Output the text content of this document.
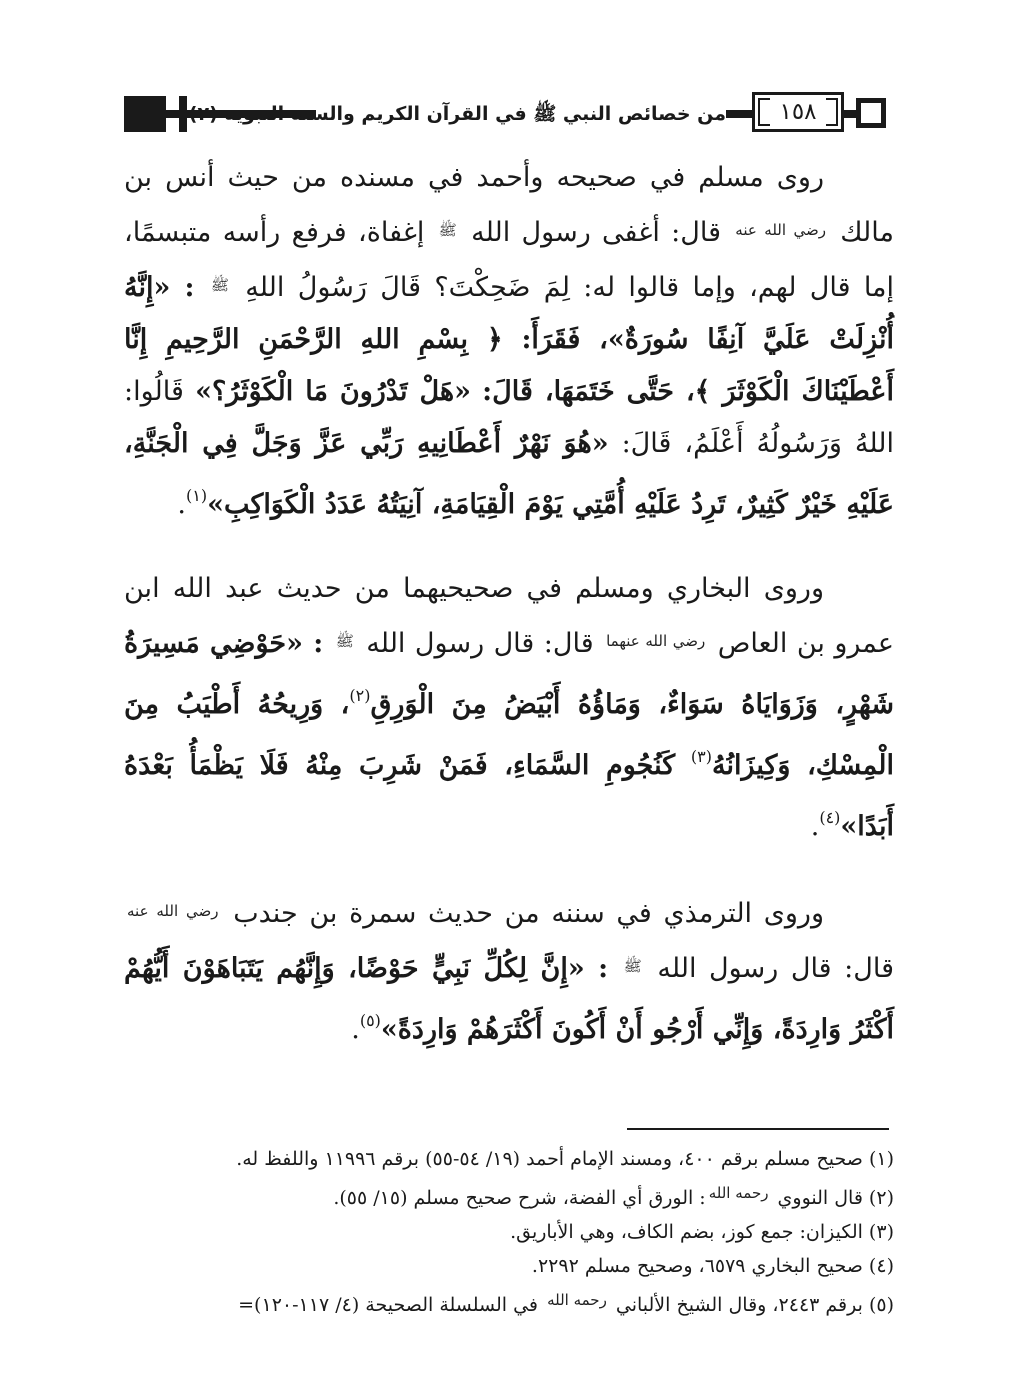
من خصائص النبي ﷺ في القرآن الكريم والسنة النبوية (٢)	١٥٨

روى مسلم في صحيحه وأحمد في مسنده من حيث أنس بن مالك $^{رضي الله عنه}$ قال: أغفى رسول الله $^ﷺ$ إغفاة، فرفع رأسه متبسمًا، إما قال لهم، وإما قالوا له: لِمَ ضَحِكْتَ؟ قَالَ رَسُولُ اللهِ $^ﷺ$ : «إِنَّهُ أُنْزِلَتْ عَلَيَّ آنِفًا سُورَةٌ»، فَقَرَأَ: ﴿ بِسْمِ اللهِ الرَّحْمَنِ الرَّحِيمِ إِنَّا أَعْطَيْنَاكَ الْكَوْثَرَ ﴾، حَتَّى خَتَمَهَا، قَالَ: «هَلْ تَدْرُونَ مَا الْكَوْثَرُ؟» قَالُوا: اللهُ وَرَسُولُهُ أَعْلَمُ، قَالَ: «هُوَ نَهْرٌ أَعْطَانِيهِ رَبِّي عَزَّ وَجَلَّ فِي الْجَنَّةِ، عَلَيْهِ خَيْرٌ كَثِيرٌ، تَرِدُ عَلَيْهِ أُمَّتِي يَوْمَ الْقِيَامَةِ، آنِيَتُهُ عَدَدُ الْكَوَاكِبِ»$^{(١)}$.

وروى البخاري ومسلم في صحيحيهما من حديث عبد الله ابن عمرو بن العاص $^{رضي الله عنهما}$ قال: قال رسول الله $^ﷺ$ : «حَوْضِي مَسِيرَةُ شَهْرٍ، وَزَوَايَاهُ سَوَاءٌ، وَمَاؤُهُ أَبْيَضُ مِنَ الْوَرِقِ$^{(٢)}$، وَرِيحُهُ أَطْيَبُ مِنَ الْمِسْكِ، وَكِيزَانُهُ$^{(٣)}$ كَنُجُومِ السَّمَاءِ، فَمَنْ شَرِبَ مِنْهُ فَلَا يَظْمَأُ بَعْدَهُ أَبَدًا»$^{(٤)}$.

وروى الترمذي في سننه من حديث سمرة بن جندب $^{رضي الله عنه}$ قال: قال رسول الله $^ﷺ$ : «إِنَّ لِكُلِّ نَبِيٍّ حَوْضًا، وَإِنَّهُم يَتَبَاهَوْنَ أَيُّهُمْ أَكْثَرُ وَارِدَةً، وَإِنِّي أَرْجُو أَنْ أَكُونَ أَكْثَرَهُمْ وَارِدَةً»$^{(٥)}$.

(١) صحيح مسلم برقم ٤٠٠، ومسند الإمام أحمد (١٩/ ٥٤-٥٥) برقم ١١٩٩٦ واللفظ له.

(٢) قال النووي $^{رحمه الله}$: الورق أي الفضة، شرح صحيح مسلم (١٥/ ٥٥).

(٣) الكيزان: جمع كوز، بضم الكاف، وهي الأباريق.

(٤) صحيح البخاري ٦٥٧٩، وصحيح مسلم ٢٢٩٢.

(٥) برقم ٢٤٤٣، وقال الشيخ الألباني $^{رحمه الله}$ في السلسلة الصحيحة (٤/ ١١٧-١٢٠)=
